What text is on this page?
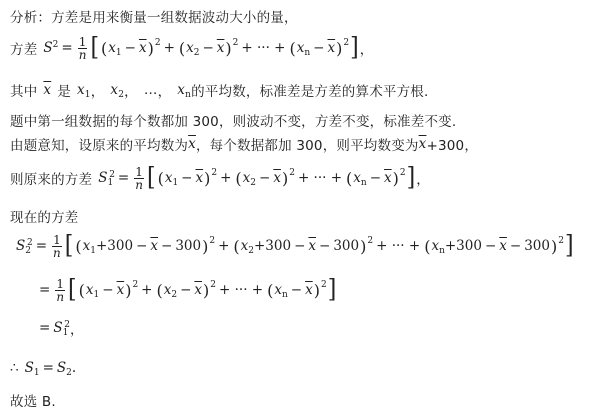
分析： 方差是用来衡量一组数据波动大小的量，
方差 $S^2 = \frac{1}{n}$ [ ( $x_1 - \overline{x}$ )$^2$ + ( $x_2 - \overline{x}$ )$^2$ + ··· + ( $x_n - \overline{x}$ )$^2$ ] ，
其中 $\overline{x}$ 是 $x_1$ ， $x_2$ ， … ， $x_n$ 的平均数，标准差是方差的算术平方根.
题中第一组数据的每个数都加 300，则波动不变，方差不变，标准差不变.
由题意知，设原来的平均数为 $\overline{x}$ ，每个数据都加 300，则平均数变为 $\overline{x} +300$，
则原来的方差 $S_1^2 = \frac{1}{n}$ [ ( $x_1 - \overline{x}$ )$^2$ + ( $x_2 - \overline{x}$ )$^2$ + ··· + ( $x_n - \overline{x}$ )$^2$ ] ，
现在的方差
$S_2^2 = \frac{1}{n}$ [ ( $x_1 +300 - \overline{x} - 300$ )$^2$ + ( $x_2 +300 - \overline{x} - 300$ )$^2$ + ··· + ( $x_n +300 - \overline{x} - 300$ )$^2$ ]
= $\frac{1}{n}$ [ ( $x_1 - \overline{x}$ )$^2$ + ( $x_2 - \overline{x}$ )$^2$ + ··· + ( $x_n - \overline{x}$ )$^2$ ]
= $S_1^2$ ，
∴ $S_1 = S_2$ .
故选 B.
